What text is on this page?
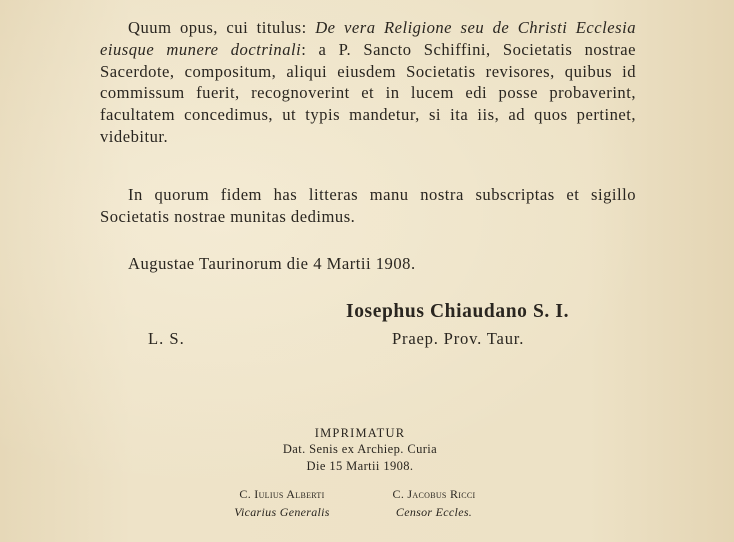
Quum opus, cui titulus: De vera Religione seu de Christi Ecclesia eiusque munere doctrinali: a P. Sancto Schiffini, Societatis nostrae Sacerdote, compositum, aliqui eiusdem Societatis revisores, quibus id commissum fuerit, recognoverint et in lucem edi posse probaverint, facultatem concedimus, ut typis mandetur, si ita iis, ad quos pertinet, videbitur.

In quorum fidem has litteras manu nostra subscriptas et sigillo Societatis nostrae munitas dedimus.

Augustae Taurinorum die 4 Martii 1908.
Iosephus Chiaudano S. I.
L. S.	Praep. Prov. Taur.
IMPRIMATUR
Dat. Senis ex Archiep. Curia
Die 15 Martii 1908.
C. Iulius Alberti
Vicarius Generalis
C. Jacobus Ricci
Censor Eccles.
